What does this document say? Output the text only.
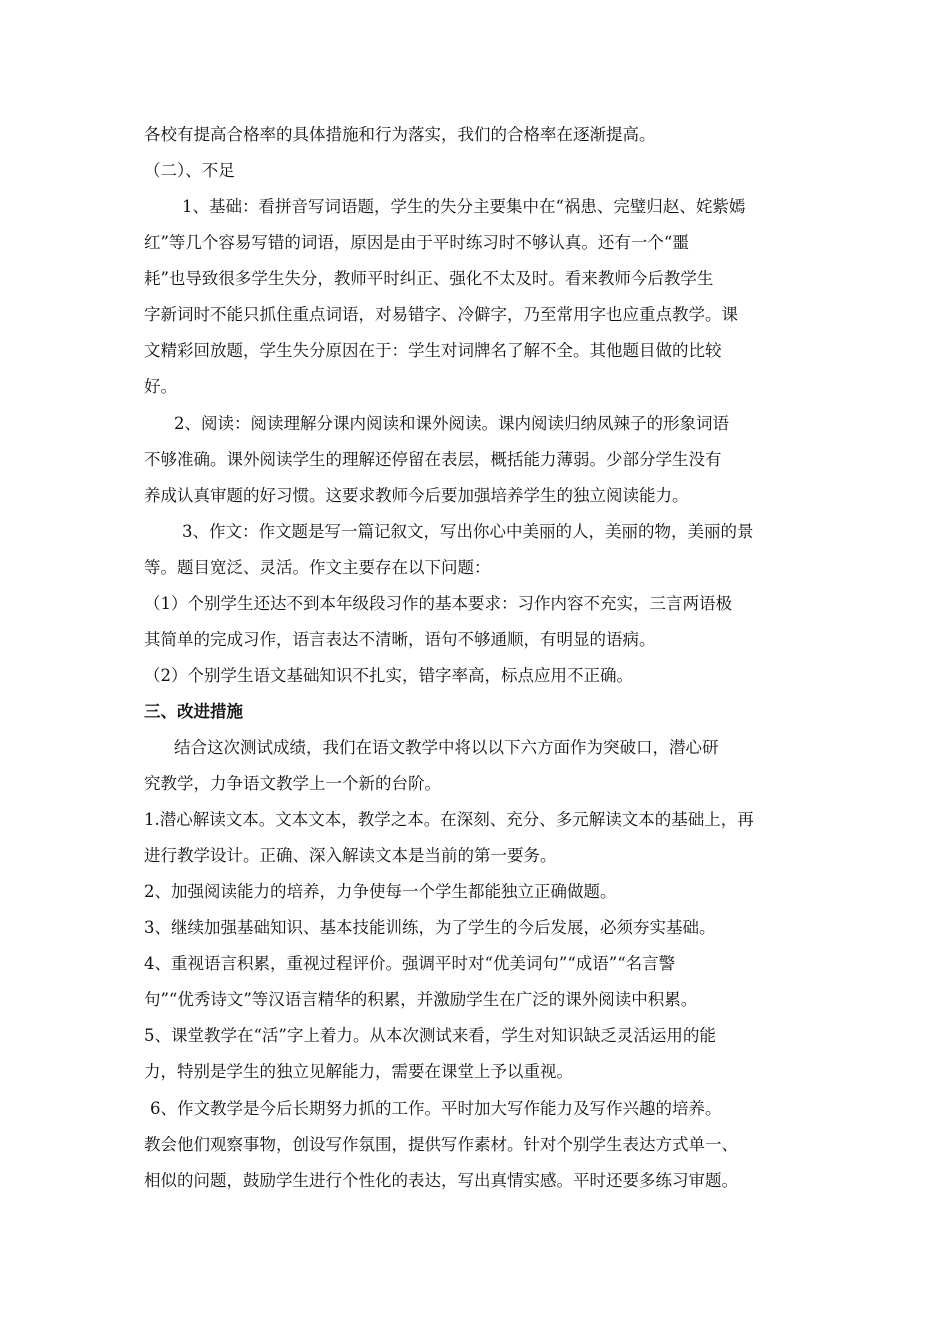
各校有提高合格率的具体措施和行为落实，我们的合格率在逐渐提高。
（二）、不足
1、基础：看拼音写词语题，学生的失分主要集中在“祸患、完璧归赵、姹紫嫣
红”等几个容易写错的词语，原因是由于平时练习时不够认真。还有一个“噩
耗”也导致很多学生失分，教师平时纠正、强化不太及时。看来教师今后教学生
字新词时不能只抓住重点词语，对易错字、冷僻字，乃至常用字也应重点教学。课
文精彩回放题，学生失分原因在于：学生对词牌名了解不全。其他题目做的比较
好。
2、阅读：阅读理解分课内阅读和课外阅读。课内阅读归纳凤辣子的形象词语
不够准确。课外阅读学生的理解还停留在表层，概括能力薄弱。少部分学生没有
养成认真审题的好习惯。这要求教师今后要加强培养学生的独立阅读能力。
3、作文：作文题是写一篇记叙文，写出你心中美丽的人，美丽的物，美丽的景
等。题目宽泛、灵活。作文主要存在以下问题：
（1）个别学生还达不到本年级段习作的基本要求：习作内容不充实，三言两语极
其简单的完成习作，语言表达不清晰，语句不够通顺，有明显的语病。
（2）个别学生语文基础知识不扎实，错字率高，标点应用不正确。
三、改进措施
结合这次测试成绩，我们在语文教学中将以以下六方面作为突破口，潜心研
究教学，力争语文教学上一个新的台阶。
1.潜心解读文本。文本文本，教学之本。在深刻、充分、多元解读文本的基础上，再
进行教学设计。正确、深入解读文本是当前的第一要务。
2、加强阅读能力的培养，力争使每一个学生都能独立正确做题。
3、继续加强基础知识、基本技能训练，为了学生的今后发展，必须夯实基础。
4、重视语言积累，重视过程评价。强调平时对“优美词句”“成语”“名言警
句”“优秀诗文”等汉语言精华的积累，并激励学生在广泛的课外阅读中积累。
5、课堂教学在“活”字上着力。从本次测试来看，学生对知识缺乏灵活运用的能
力，特别是学生的独立见解能力，需要在课堂上予以重视。
6、作文教学是今后长期努力抓的工作。平时加大写作能力及写作兴趣的培养。
教会他们观察事物，创设写作氛围，提供写作素材。针对个别学生表达方式单一、
相似的问题，鼓励学生进行个性化的表达，写出真情实感。平时还要多练习审题。
